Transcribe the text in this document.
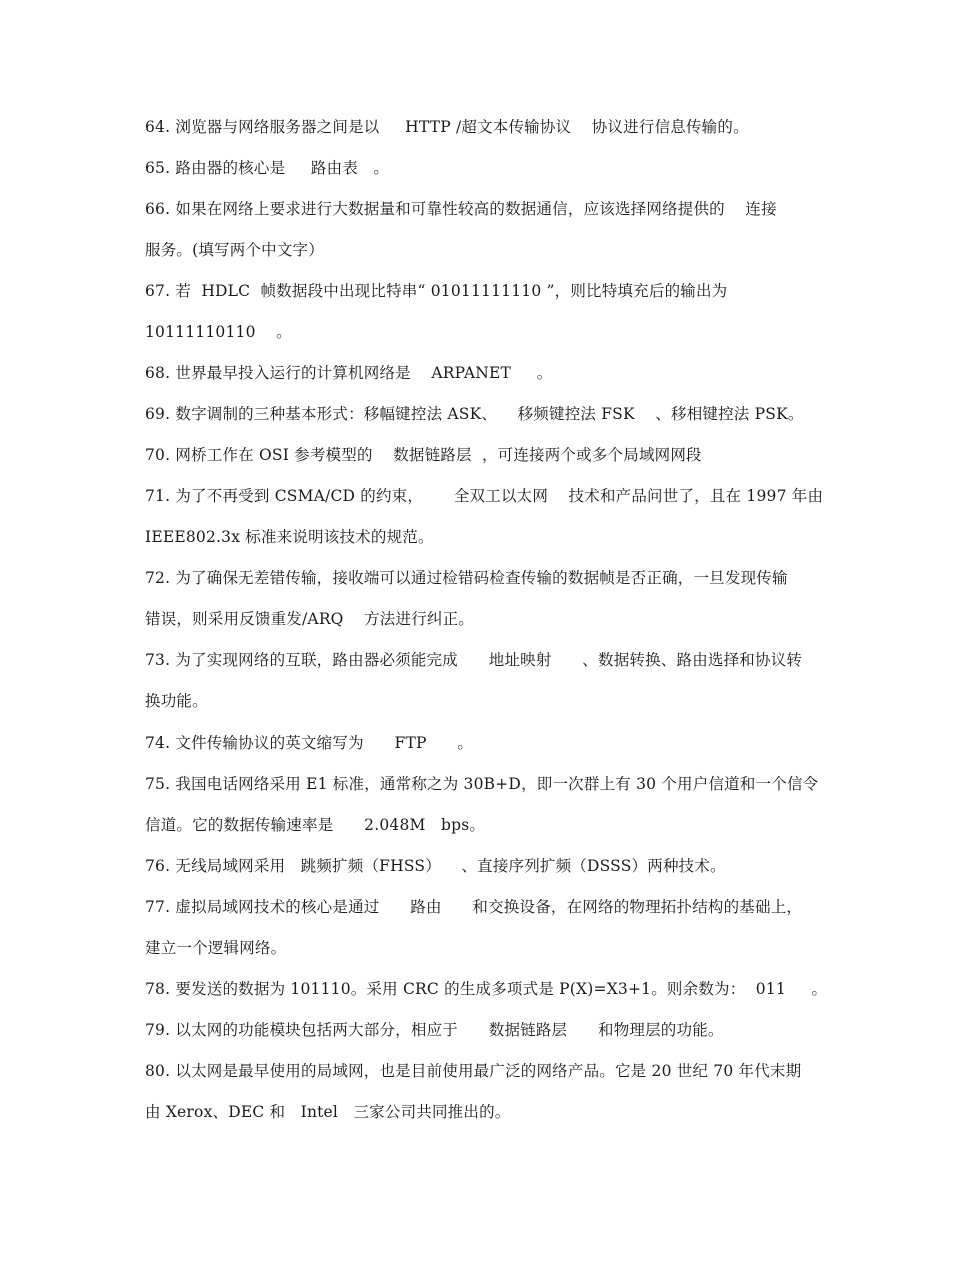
64. 浏览器与网络服务器之间是以     HTTP /超文本传输协议    协议进行信息传输的。
65. 路由器的核心是     路由表   。
66. 如果在网络上要求进行大数据量和可靠性较高的数据通信，应该选择网络提供的    连接
服务。(填写两个中文字）
67. 若  HDLC  帧数据段中出现比特串“ 01011111110 ”，则比特填充后的输出为
10111110110    。
68. 世界最早投入运行的计算机网络是    ARPANET     。
69. 数字调制的三种基本形式：移幅键控法 ASK、    移频键控法 FSK    、移相键控法 PSK。
70. 网桥工作在 OSI 参考模型的    数据链路层  ，可连接两个或多个局域网网段
71. 为了不再受到 CSMA/CD 的约束，      全双工以太网    技术和产品问世了，且在 1997 年由
IEEE802.3x 标准来说明该技术的规范。
72. 为了确保无差错传输，接收端可以通过检错码检查传输的数据帧是否正确，一旦发现传输
错误，则采用反馈重发/ARQ    方法进行纠正。
73. 为了实现网络的互联，路由器必须能完成      地址映射      、数据转换、路由选择和协议转
换功能。
74. 文件传输协议的英文缩写为      FTP      。
75. 我国电话网络采用 E1 标准，通常称之为 30B+D，即一次群上有 30 个用户信道和一个信令
信道。它的数据传输速率是      2.048M   bps。
76. 无线局域网采用   跳频扩频（FHSS）    、直接序列扩频（DSSS）两种技术。
77. 虚拟局域网技术的核心是通过      路由      和交换设备，在网络的物理拓扑结构的基础上，
建立一个逻辑网络。
78. 要发送的数据为 101110。采用 CRC 的生成多项式是 P(X)=X3+1。则余数为：  011     。
79. 以太网的功能模块包括两大部分，相应于      数据链路层      和物理层的功能。
80. 以太网是最早使用的局域网，也是目前使用最广泛的网络产品。它是 20 世纪 70 年代末期
由 Xerox、DEC 和   Intel   三家公司共同推出的。
